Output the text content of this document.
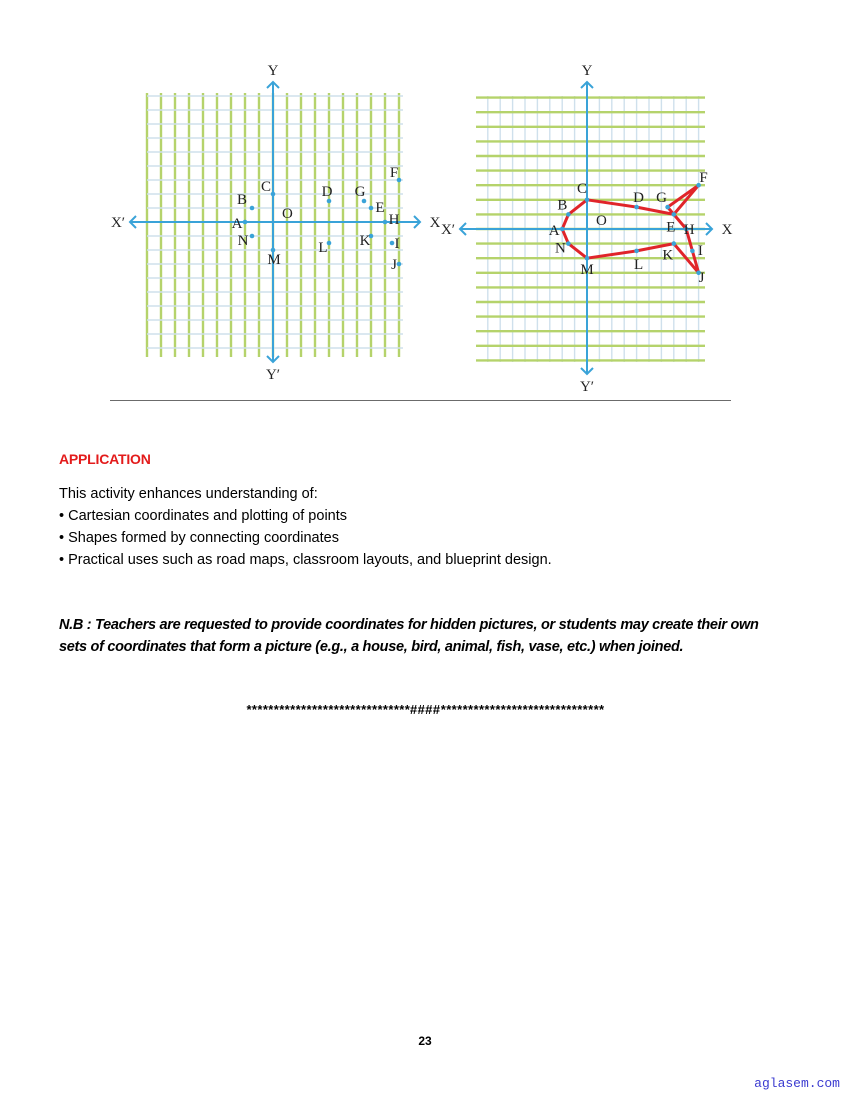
X
X′
Y
Y′
O
A
B
C	D G
E
F
H
I
J
K
L
M
N
X
X′
Y
Y′
O
A
B
C
D G
E
F
H
I
J
K
L
M
N
APPLICATION
This activity enhances understanding of:
• Cartesian coordinates and plotting of points
• Shapes formed by connecting coordinates
• Practical uses such as road maps, classroom layouts, and blueprint design.
N.B : Teachers are requested to provide coordinates for hidden pictures, or students may create their own
sets of coordinates that form a picture (e.g., a house, bird, animal, fish, vase, etc.) when joined.
******************************####******************************
23
aglasem.com
